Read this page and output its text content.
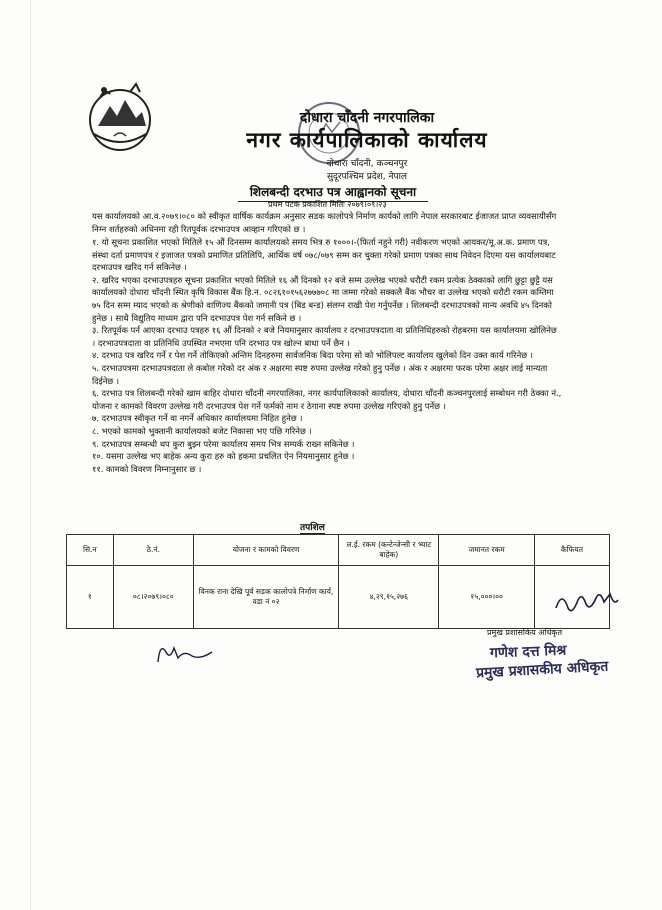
दोधारा चाँदनी नगरपालिका
नगर कार्यपालिकाको कार्यालय
दोधारा चाँदनी, कञ्चनपुर
सुदूरपश्चिम प्रदेश, नेपाल
शिलबन्दी दरभाउ पत्र आह्वानको सूचना
प्रथम पटक प्रकाशित मितिः २०७९।०९।२३

यस कार्यालयको आ.व.२०७९।०८० को स्वीकृत वार्षिक कार्यक्रम अनुसार सडक कालोपत्रे निर्माण कार्यको लागि नेपाल सरकारबाट ईजाजत प्राप्त व्यवसायीसँग निम्न शर्तहरुको अधिनमा रही रितपूर्वक दरभाउपत्र आव्हान गरिएको छ ।

१. यो सूचना प्रकाशित भएको मितिले १५ औं दिनसम्म कार्यालयको समय भित्र रु १०००।-(फिर्ता नहुने गरी) नवीकरण भएको आयकर/मू.अ.क. प्रमाण पत्र, संस्था दर्ता प्रमाणपत्र र इजाजत पत्रको प्रमाणित प्रतिलिपि, आर्थिक वर्ष ०७८/०७९ सम्म कर चुक्ता गरेको प्रमाण पत्रका साथ निवेदन दिएमा यस कार्यालयबाट दरभाउपत्र खरिद गर्न सकिनेछ ।
२. खरिद भएका दरभाउपत्रहरु सूचना प्रकाशित भएको मितिले १६ औं दिनको १२ बजे सम्म उल्लेख भएको धरौटी रकम प्रत्येक ठेक्काको लागि छुट्टा छुट्टै यस कार्यालयको दोधारा चाँदनी स्थित कृषि विकास बैंक हि.न. ०८२६१०१५६२७७७०८ मा जम्मा गरेको सक्कलै बैंक भौचर वा उल्लेख भएको धरौटी रकम कम्तिमा ७५ दिन सम्म म्याद भएको क श्रेणीको वाणिज्य बैंकको जमानी पत्र (बिड बन्ड) संलग्न राखी पेश गर्नुपर्नेछ । शिलबन्दी दरभाउपत्रको मान्य अवधि ४५ दिनको हुनेछ । साथै विद्युतिय माध्यम द्वारा पनि दरभाउपत्र पेश गर्न सकिने छ ।
३. रितपूर्वक पर्न आएका दरभाउ पत्रहरु १६ औं दिनको २ बजे नियमानुसार कार्यालय र दरभाउपत्रदाता वा प्रतिनिधिहरुको रोहबरमा यस कार्यालयमा खोलिनेछ । दरभाउपत्रदाता वा प्रतिनिधि उपस्थित नभएमा पनि दरभाउ पत्र खोल्न बाधा पर्ने छैन ।
४. दरभाउ पत्र खरिद गर्ने र पेश गर्ने तोकिएको अन्तिम दिनहरुमा सार्वजनिक बिदा परेमा सो को भोलिपल्ट कार्यालय खुलेको दिन उक्त कार्य गरिनेछ ।
५. दरभाउपत्रमा दरभाउपत्रदाता ले कबोल गरेको दर अंक र अक्षरमा स्पष्ट रुपमा उल्लेख गरेको हुनु पर्नेछ । अंक र अक्षरमा फरक परेमा अक्षर लाई मान्यता दिईनेछ ।
६. दरभाउ पत्र शिलबन्दी गरेको खाम बाहिर दोधारा चाँदनी नगरपालिका, नगर कार्यपालिकाको कार्यालय, दोधारा चाँदनी कञ्चनपुरलाई सम्बोधन गरी ठेक्का नं., योजना र कामको विवरण उल्लेख गरी दरभाउपत्र पेश गर्ने फर्मको नाम र ठेगाना स्पष्ट रुपमा उल्लेख गरिएको हुनु पर्नेछ ।
७. दरभाउपत्र स्वीकृत गर्ने वा नगर्ने अधिकार कार्यालयमा निहित हुनेछ ।
८. भएको कामको भुक्तानी कार्यालयको बजेट निकासा भए पछि गरिनेछ ।
९. दरभाउपत्र सम्बन्धी थप कुरा बुझ्न परेमा कार्यालय समय भित्र सम्पर्क राख्न सकिनेछ ।
१०. यसमा उल्लेख भए बाहेक अन्य कुरा हरु को हकमा प्रचलित ऐन नियमानुसार हुनेछ ।
११. कामको विवरण निम्नानुसार छ ।
तपशिल
सि.न	ठे.नं.	योजना र कामको विवरण	ल.ई. रकम (कन्टेन्जेन्सी र भ्याट बाहेक)	जमानत रकम	कैफियत
१	०८।२०७९।०८०	विनक राना देखि पूर्व सडक कालोपत्रे निर्माण कार्य, वडा नं ०२	४,२९,१५,२७६	१५,०००।००	
प्रमुख प्रशासकिय अधिकृत
गणेश दत्त मिश्र
प्रमुख प्रशासकीय अधिकृत
